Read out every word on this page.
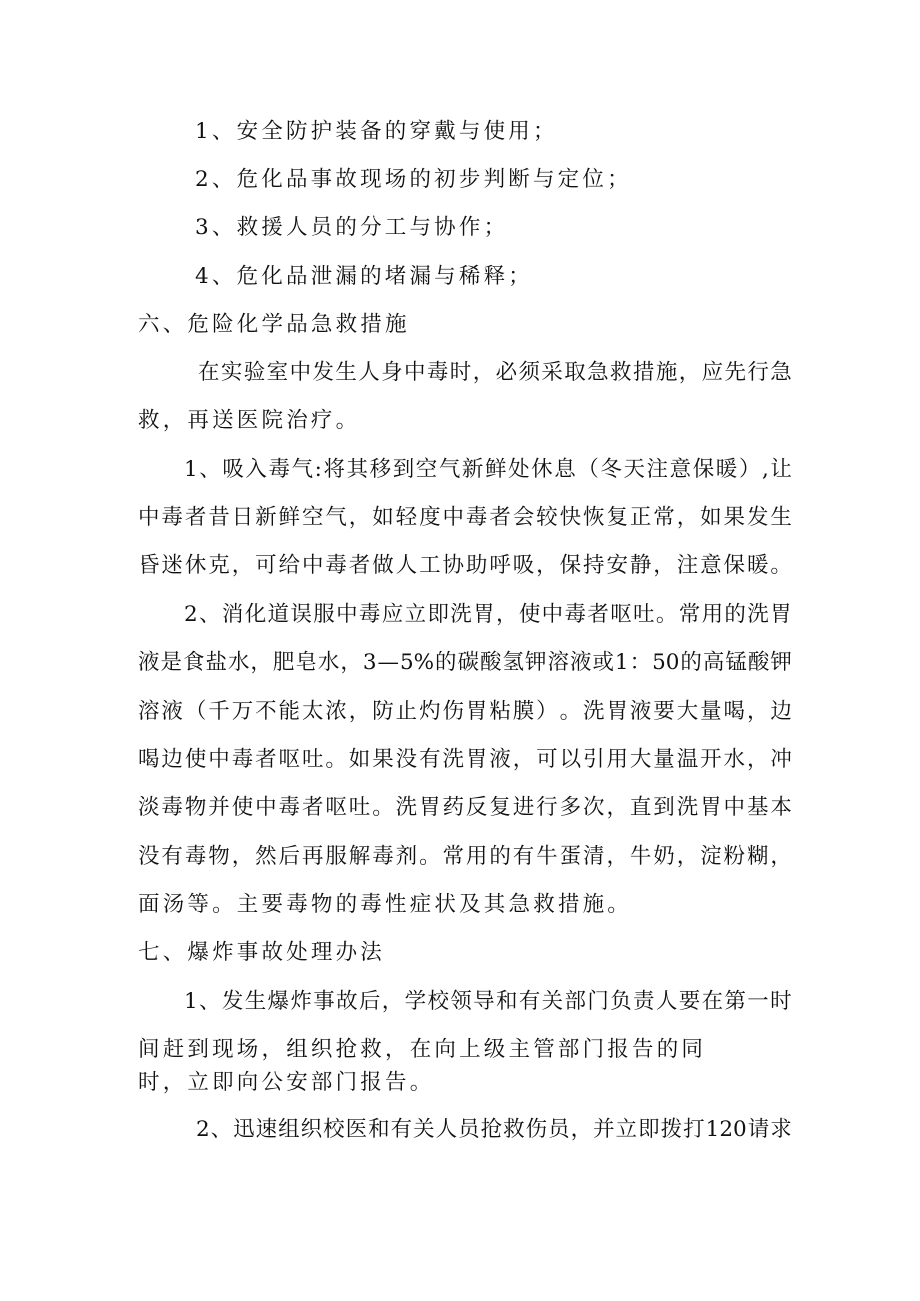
1、安全防护装备的穿戴与使用；
2、危化品事故现场的初步判断与定位；
3、救援人员的分工与协作；
4、危化品泄漏的堵漏与稀释；
六、危险化学品急救措施
在 实 验 室 中 发 生 人 身 中 毒 时 ， 必 须 采 取 急 救 措 施 ， 应 先 行 急
救，再送医院治疗。
1 、 吸 入 毒 气 : 将 其 移 到 空 气 新 鲜 处 休 息 （ 冬 天 注 意 保 暖 ） , 让
中 毒 者 昔 日 新 鲜 空 气 ， 如 轻 度 中 毒 者 会 较 快 恢 复 正 常 ， 如 果 发 生
昏 迷 休 克 ， 可 给 中 毒 者 做 人 工 协 助 呼 吸 ， 保 持 安 静 ， 注 意 保 暖 。
2 、 消 化 道 误 服 中 毒 应 立 即 洗 胃 ， 使 中 毒 者 呕 吐 。 常 用 的 洗 胃
液 是 食 盐 水 ， 肥 皂 水 ， 3 — 5% 的 碳 酸 氢 钾 溶 液 或 1 ： 50 的 高 锰 酸 钾
溶 液 （ 千 万 不 能 太 浓 ， 防 止 灼 伤 胃 粘 膜 ） 。 洗 胃 液 要 大 量 喝 ， 边
喝 边 使 中 毒 者 呕 吐 。 如 果 没 有 洗 胃 液 ， 可 以 引 用 大 量 温 开 水 ， 冲
淡 毒 物 并 使 中 毒 者 呕 吐 。 洗 胃 药 反 复 进 行 多 次 ， 直 到 洗 胃 中 基 本
没 有 毒 物 ， 然 后 再 服 解 毒 剂 。 常 用 的 有 牛 蛋 清 ， 牛 奶 ， 淀 粉 糊 ，
面汤等。主要毒物的毒性症状及其急救措施。
七、爆炸事故处理办法
1 、 发 生 爆 炸 事 故 后 ， 学 校 领 导 和 有 关 部 门 负 责 人 要 在 第 一 时
间赶到现场，组织抢救，在向上级主管部门报告的同
时，立即向公安部门报告。
2 、 迅 速 组 织 校 医 和 有 关 人 员 抢 救 伤 员 ， 并 立 即 拨 打 120 请 求
